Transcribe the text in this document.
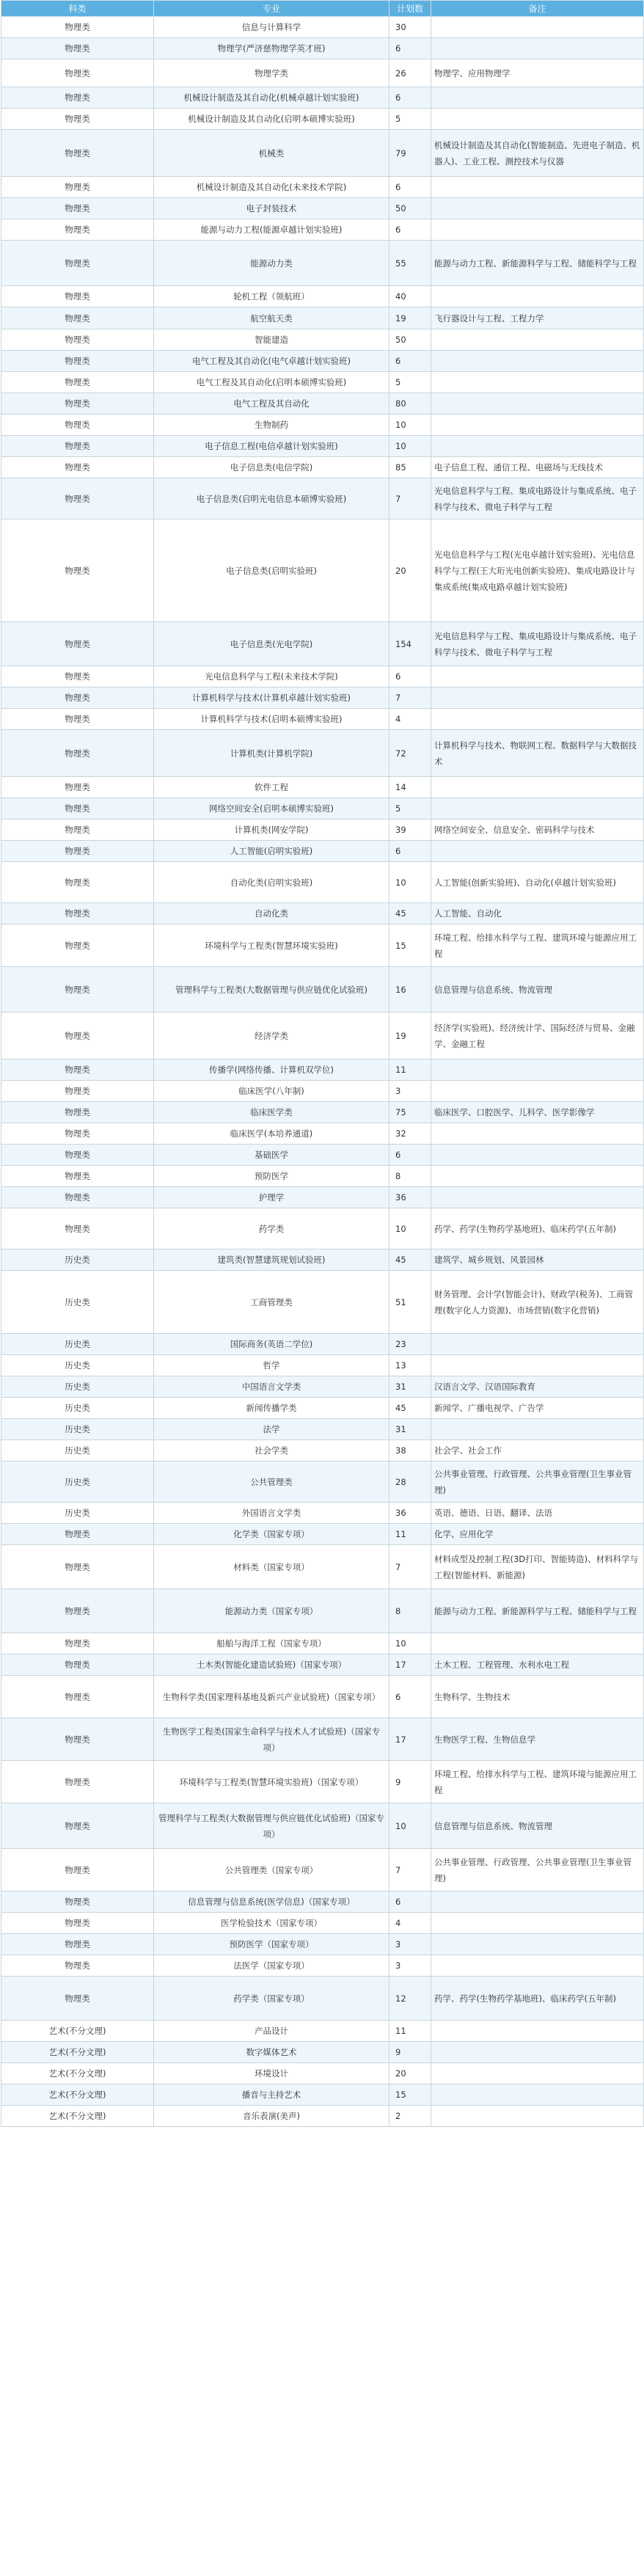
科类	专业	计划数	备注
物理类	信息与计算科学	30	
物理类	物理学(严济慈物理学英才班)	6	
物理类	物理学类	26	物理学、应用物理学
物理类	机械设计制造及其自动化(机械卓越计划实验班)	6	
物理类	机械设计制造及其自动化(启明本硕博实验班)	5	
物理类	机械类	79	机械设计制造及其自动化(智能制造、先进电子制造、机器人)、工业工程、测控技术与仪器
物理类	机械设计制造及其自动化(未来技术学院)	6	
物理类	电子封装技术	50	
物理类	能源与动力工程(能源卓越计划实验班)	6	
物理类	能源动力类	55	能源与动力工程、新能源科学与工程、储能科学与工程
物理类	轮机工程（领航班）	40	
物理类	航空航天类	19	飞行器设计与工程、工程力学
物理类	智能建造	50	
物理类	电气工程及其自动化(电气卓越计划实验班)	6	
物理类	电气工程及其自动化(启明本硕博实验班)	5	
物理类	电气工程及其自动化	80	
物理类	生物制药	10	
物理类	电子信息工程(电信卓越计划实验班)	10	
物理类	电子信息类(电信学院)	85	电子信息工程、通信工程、电磁场与无线技术
物理类	电子信息类(启明光电信息本硕博实验班)	7	光电信息科学与工程、集成电路设计与集成系统、电子科学与技术、微电子科学与工程
物理类	电子信息类(启明实验班)	20	光电信息科学与工程(光电卓越计划实验班)、光电信息科学与工程(王大珩光电创新实验班)、集成电路设计与集成系统(集成电路卓越计划实验班)
物理类	电子信息类(光电学院)	154	光电信息科学与工程、集成电路设计与集成系统、电子科学与技术、微电子科学与工程
物理类	光电信息科学与工程(未来技术学院)	6	
物理类	计算机科学与技术(计算机卓越计划实验班)	7	
物理类	计算机科学与技术(启明本硕博实验班)	4	
物理类	计算机类(计算机学院)	72	计算机科学与技术、物联网工程、数据科学与大数据技术
物理类	软件工程	14	
物理类	网络空间安全(启明本硕博实验班)	5	
物理类	计算机类(网安学院)	39	网络空间安全、信息安全、密码科学与技术
物理类	人工智能(启明实验班)	6	
物理类	自动化类(启明实验班)	10	人工智能(创新实验班)、自动化(卓越计划实验班)
物理类	自动化类	45	人工智能、自动化
物理类	环境科学与工程类(智慧环境实验班)	15	环境工程、给排水科学与工程、建筑环境与能源应用工程
物理类	管理科学与工程类(大数据管理与供应链优化试验班)	16	信息管理与信息系统、物流管理
物理类	经济学类	19	经济学(实验班)、经济统计学、国际经济与贸易、金融学、金融工程
物理类	传播学(网络传播、计算机双学位)	11	
物理类	临床医学(八年制)	3	
物理类	临床医学类	75	临床医学、口腔医学、儿科学、医学影像学
物理类	临床医学(本培养通道)	32	
物理类	基础医学	6	
物理类	预防医学	8	
物理类	护理学	36	
物理类	药学类	10	药学、药学(生物药学基地班)、临床药学(五年制)
历史类	建筑类(智慧建筑规划试验班)	45	建筑学、城乡规划、风景园林
历史类	工商管理类	51	财务管理、会计学(智能会计)、财政学(税务)、工商管理(数字化人力资源)、市场营销(数字化营销)
历史类	国际商务(英语二学位)	23	
历史类	哲学	13	
历史类	中国语言文学类	31	汉语言文学、汉语国际教育
历史类	新闻传播学类	45	新闻学、广播电视学、广告学
历史类	法学	31	
历史类	社会学类	38	社会学、社会工作
历史类	公共管理类	28	公共事业管理、行政管理、公共事业管理(卫生事业管理)
历史类	外国语言文学类	36	英语、德语、日语、翻译、法语
物理类	化学类（国家专项）	11	化学、应用化学
物理类	材料类（国家专项）	7	材料成型及控制工程(3D打印、智能铸造)、材料科学与工程(智能材料、新能源)
物理类	能源动力类（国家专项）	8	能源与动力工程、新能源科学与工程、储能科学与工程
物理类	船舶与海洋工程（国家专项）	10	
物理类	土木类(智能化建造试验班)（国家专项）	17	土木工程、工程管理、水利水电工程
物理类	生物科学类(国家理科基地及新兴产业试验班)（国家专项）	6	生物科学、生物技术
物理类	生物医学工程类(国家生命科学与技术人才试验班)（国家专项）	17	生物医学工程、生物信息学
物理类	环境科学与工程类(智慧环境实验班)（国家专项）	9	环境工程、给排水科学与工程、建筑环境与能源应用工程
物理类	管理科学与工程类(大数据管理与供应链优化试验班)（国家专项）	10	信息管理与信息系统、物流管理
物理类	公共管理类（国家专项）	7	公共事业管理、行政管理、公共事业管理(卫生事业管理)
物理类	信息管理与信息系统(医学信息)（国家专项）	6	
物理类	医学检验技术（国家专项）	4	
物理类	预防医学（国家专项）	3	
物理类	法医学（国家专项）	3	
物理类	药学类（国家专项）	12	药学、药学(生物药学基地班)、临床药学(五年制)
艺术(不分文理)	产品设计	11	
艺术(不分文理)	数字媒体艺术	9	
艺术(不分文理)	环境设计	20	
艺术(不分文理)	播音与主持艺术	15	
艺术(不分文理)	音乐表演(美声)	2	
